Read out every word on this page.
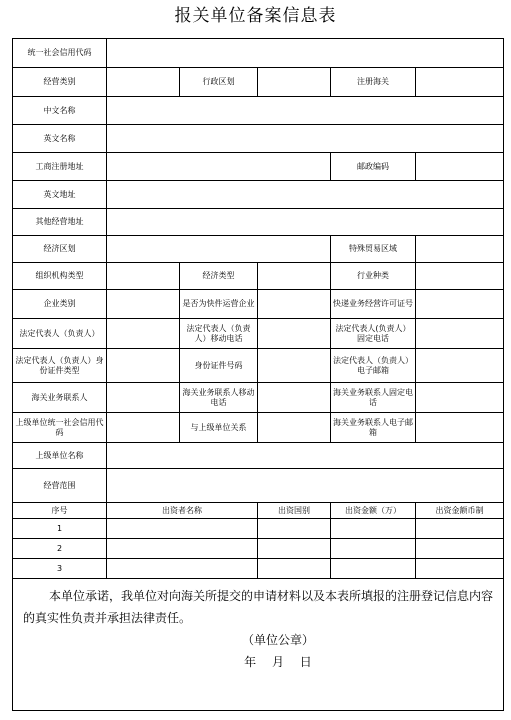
报关单位备案信息表
统一社会信用代码					
经营类别		行政区划		注册海关	
中文名称					
英文名称					
工商注册地址				邮政编码	
英文地址					
其他经营地址					
经济区划				特殊贸易区域	
组织机构类型		经济类型		行业种类	
企业类别		是否为快件运营企业		快递业务经营许可证号	
法定代表人（负责人）		法定代表人（负责人）移动电话		法定代表人(负责人）固定电话	
法定代表人（负责人）身份证件类型		身份证件号码		法定代表人（负责人）电子邮箱	
海关业务联系人		海关业务联系人移动电话		海关业务联系人固定电话	
上级单位统一社会信用代码		与上级单位关系		海关业务联系人电子邮箱	
上级单位名称					
经营范围					
序号	出资者名称		出资国别	出资金额（万）	出资金额币制
1					
2					
3					

本单位承诺，我单位对向海关所提交的申请材料以及本表所填报的注册登记信息内容的真实性负责并承担法律责任。
（单位公章）
年 月 日					
